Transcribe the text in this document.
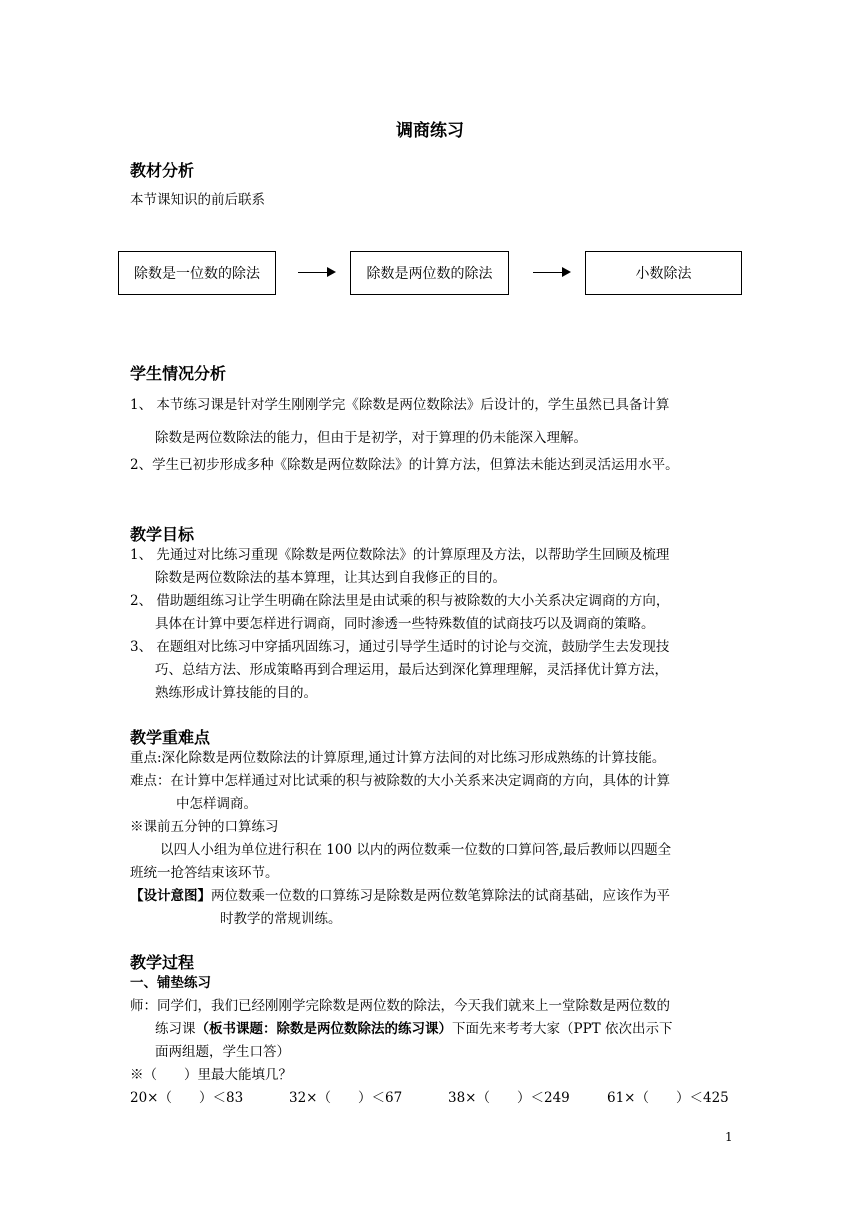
调商练习
教材分析
本节课知识的前后联系
除数是一位数的除法	除数是两位数的除法	小数除法
学生情况分析
1、 本节练习课是针对学生刚刚学完《除数是两位数除法》后设计的，学生虽然已具备计算
除数是两位数除法的能力，但由于是初学，对于算理的仍未能深入理解。
2、学生已初步形成多种《除数是两位数除法》的计算方法，但算法未能达到灵活运用水平。
教学目标
1、 先通过对比练习重现《除数是两位数除法》的计算原理及方法，以帮助学生回顾及梳理
除数是两位数除法的基本算理，让其达到自我修正的目的。
2、 借助题组练习让学生明确在除法里是由试乘的积与被除数的大小关系决定调商的方向，
具体在计算中要怎样进行调商，同时渗透一些特殊数值的试商技巧以及调商的策略。
3、 在题组对比练习中穿插巩固练习，通过引导学生适时的讨论与交流，鼓励学生去发现技
巧、总结方法、形成策略再到合理运用，最后达到深化算理理解，灵活择优计算方法，
熟练形成计算技能的目的。
教学重难点
重点:深化除数是两位数除法的计算原理,通过计算方法间的对比练习形成熟练的计算技能。
难点：在计算中怎样通过对比试乘的积与被除数的大小关系来决定调商的方向，具体的计算
中怎样调商。
※课前五分钟的口算练习
以四人小组为单位进行积在 100 以内的两位数乘一位数的口算问答,最后教师以四题全
班统一抢答结束该环节。
【设计意图】两位数乘一位数的口算练习是除数是两位数笔算除法的试商基础，应该作为平
时教学的常规训练。
教学过程
一、铺垫练习
师：同学们，我们已经刚刚学完除数是两位数的除法，今天我们就来上一堂除数是两位数的
练习课（板书课题：除数是两位数除法的练习课）下面先来考考大家（PPT 依次出示下
面两组题，学生口答）
※（　　）里最大能填几？
20×（　　）＜83	32×（　　）＜67	38×（　　）＜249	61×（　　）＜425
1
